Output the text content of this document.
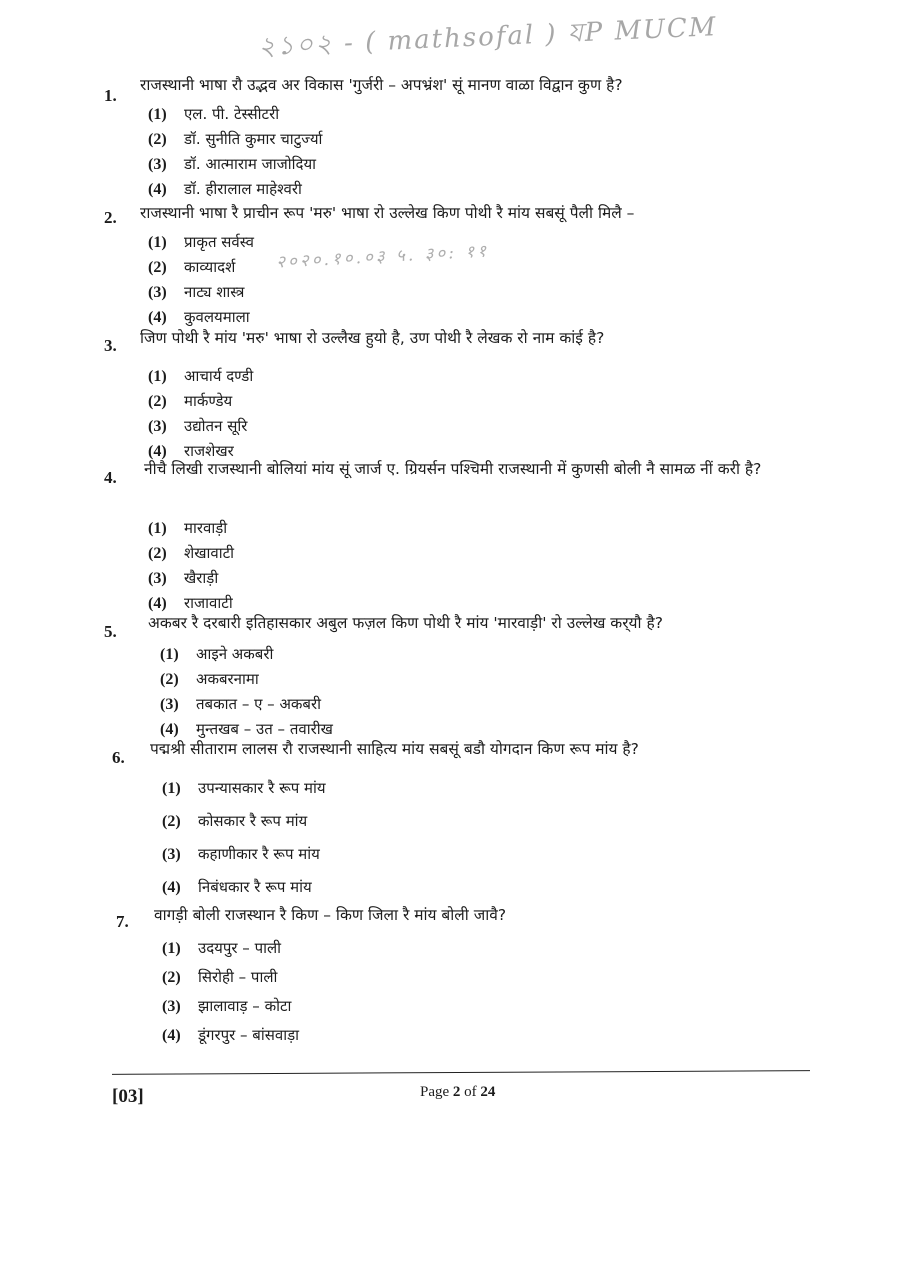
২১০২ - ( mathsofal ) যP MUCM
1.
राजस्थानी भाषा रौ उद्भव अर विकास 'गुर्जरी – अपभ्रंश' सूं मानण वाळा विद्वान कुण है?
(1) एल. पी. टेस्सीटरी
(2) डॉ. सुनीति कुमार चाटुर्ज्या
(3) डॉ. आत्माराम जाजोदिया
(4) डॉ. हीरालाल माहेश्वरी
2. राजस्थानी भाषा रै प्राचीन रूप 'मरु' भाषा रो उल्लेख किण पोथी रै मांय सबसूं पैली मिलै –
(1) प्राकृत सर्वस्व
(2) काव्यादर्श
(3) नाट्य शास्त्र
(4) कुवलयमाला
२०२०.१०.०३ ५. ३०: ११
3. जिण पोथी रै मांय 'मरु' भाषा रो उल्लैख हुयो है, उण पोथी रै लेखक रो नाम कांई है?
(1) आचार्य दण्डी
(2) मार्कण्डेय
(3) उद्योतन सूरि
(4) राजशेखर
4. नीचै लिखी राजस्थानी बोलियां मांय सूं जार्ज ए. ग्रियर्सन पश्चिमी राजस्थानी में कुणसी बोली नै सामळ नीं करी है?
(1) मारवाड़ी
(2) शेखावाटी
(3) खैराड़ी
(4) राजावाटी
5. अकबर रै दरबारी इतिहासकार अबुल फज़ल किण पोथी रै मांय 'मारवाड़ी' रो उल्लेख कर्‌यौ है?
(1) आइने अकबरी
(2) अकबरनामा
(3) तबकात – ए – अकबरी
(4) मुन्तखब – उत – तवारीख
6. पद्मश्री सीताराम लालस रौ राजस्थानी साहित्य मांय सबसूं बडौ योगदान किण रूप मांय है?
(1) उपन्यासकार रै रूप मांय
(2) कोसकार रै रूप मांय
(3) कहाणीकार रै रूप मांय
(4) निबंधकार रै रूप मांय
7. वागड़ी बोली राजस्थान रै किण – किण जिला रै मांय बोली जावै?
(1) उदयपुर – पाली
(2) सिरोही – पाली
(3) झालावाड़ – कोटा
(4) डूंगरपुर – बांसवाड़ा
[03]	Page 2 of 24
